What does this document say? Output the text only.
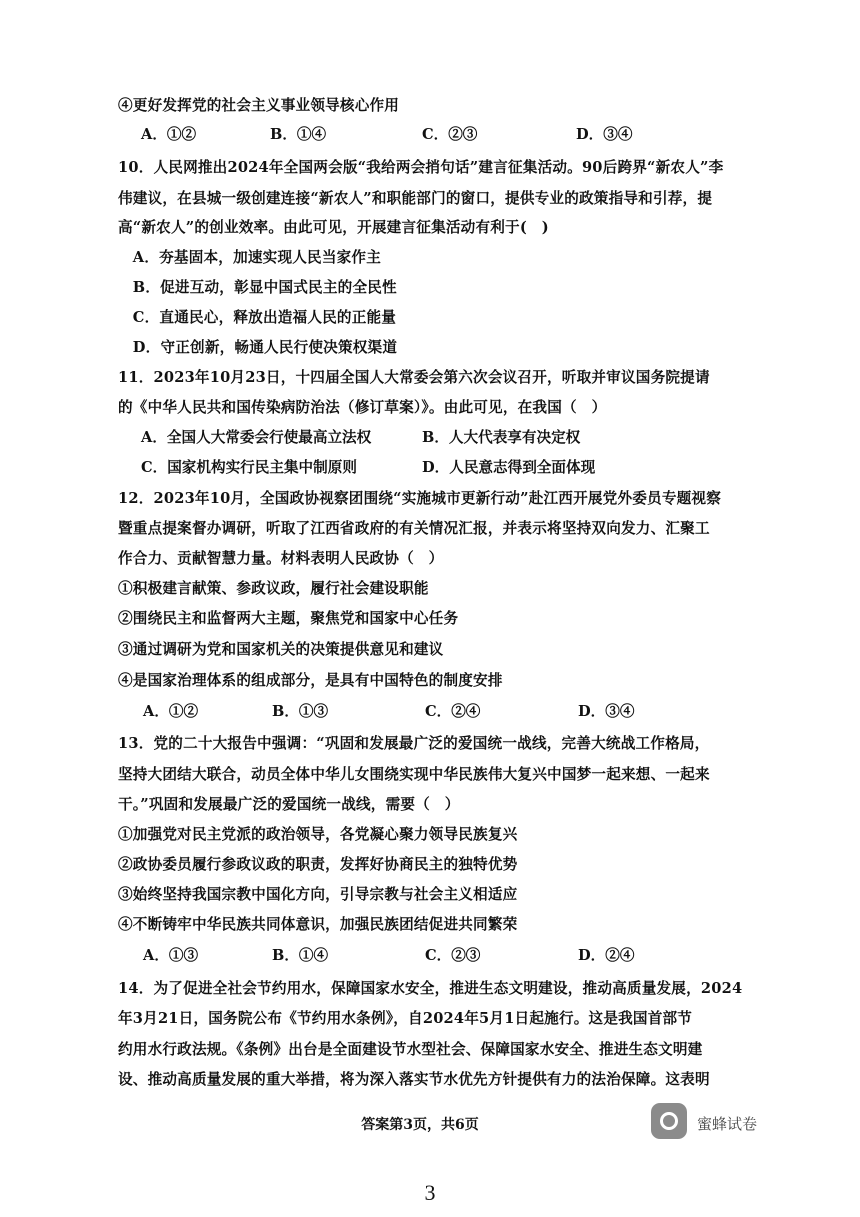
④更好发挥党的社会主义事业领导核心作用
A．①②	B．①④	C．②③	D．③④
10．人民网推出2024年全国两会版“我给两会捎句话”建言征集活动。90后跨界“新农人”李
伟建议，在县城一级创建连接“新农人”和职能部门的窗口，提供专业的政策指导和引荐，提
高“新农人”的创业效率。由此可见，开展建言征集活动有利于(　)
　A．夯基固本，加速实现人民当家作主
　B．促进互动，彰显中国式民主的全民性
　C．直通民心，释放出造福人民的正能量
　D．守正创新，畅通人民行使决策权渠道
11．2023年10月23日，十四届全国人大常委会第六次会议召开，听取并审议国务院提请
的《中华人民共和国传染病防治法（修订草案）》。由此可见，在我国（　）
A．全国人大常委会行使最高立法权	B．人大代表享有决定权
C．国家机构实行民主集中制原则	D．人民意志得到全面体现
12．2023年10月，全国政协视察团围绕“实施城市更新行动”赴江西开展党外委员专题视察
暨重点提案督办调研，听取了江西省政府的有关情况汇报，并表示将坚持双向发力、汇聚工
作合力、贡献智慧力量。材料表明人民政协（　）
①积极建言献策、参政议政，履行社会建设职能
②围绕民主和监督两大主题，聚焦党和国家中心任务
③通过调研为党和国家机关的决策提供意见和建议
④是国家治理体系的组成部分，是具有中国特色的制度安排
A．①②	B．①③	C．②④	D．③④
13．党的二十大报告中强调：“巩固和发展最广泛的爱国统一战线，完善大统战工作格局，
坚持大团结大联合，动员全体中华儿女围绕实现中华民族伟大复兴中国梦一起来想、一起来
干。”巩固和发展最广泛的爱国统一战线，需要（　）
①加强党对民主党派的政治领导，各党凝心聚力领导民族复兴
②政协委员履行参政议政的职责，发挥好协商民主的独特优势
③始终坚持我国宗教中国化方向，引导宗教与社会主义相适应
④不断铸牢中华民族共同体意识，加强民族团结促进共同繁荣
A．①③	B．①④	C．②③	D．②④
14．为了促进全社会节约用水，保障国家水安全，推进生态文明建设，推动高质量发展，2024
年3月21日，国务院公布《节约用水条例》，自2024年5月1日起施行。这是我国首部节
约用水行政法规。《条例》出台是全面建设节水型社会、保障国家水安全、推进生态文明建
设、推动高质量发展的重大举措，将为深入落实节水优先方针提供有力的法治保障。这表明
答案第3页，共6页	蜜蜂试卷
3
